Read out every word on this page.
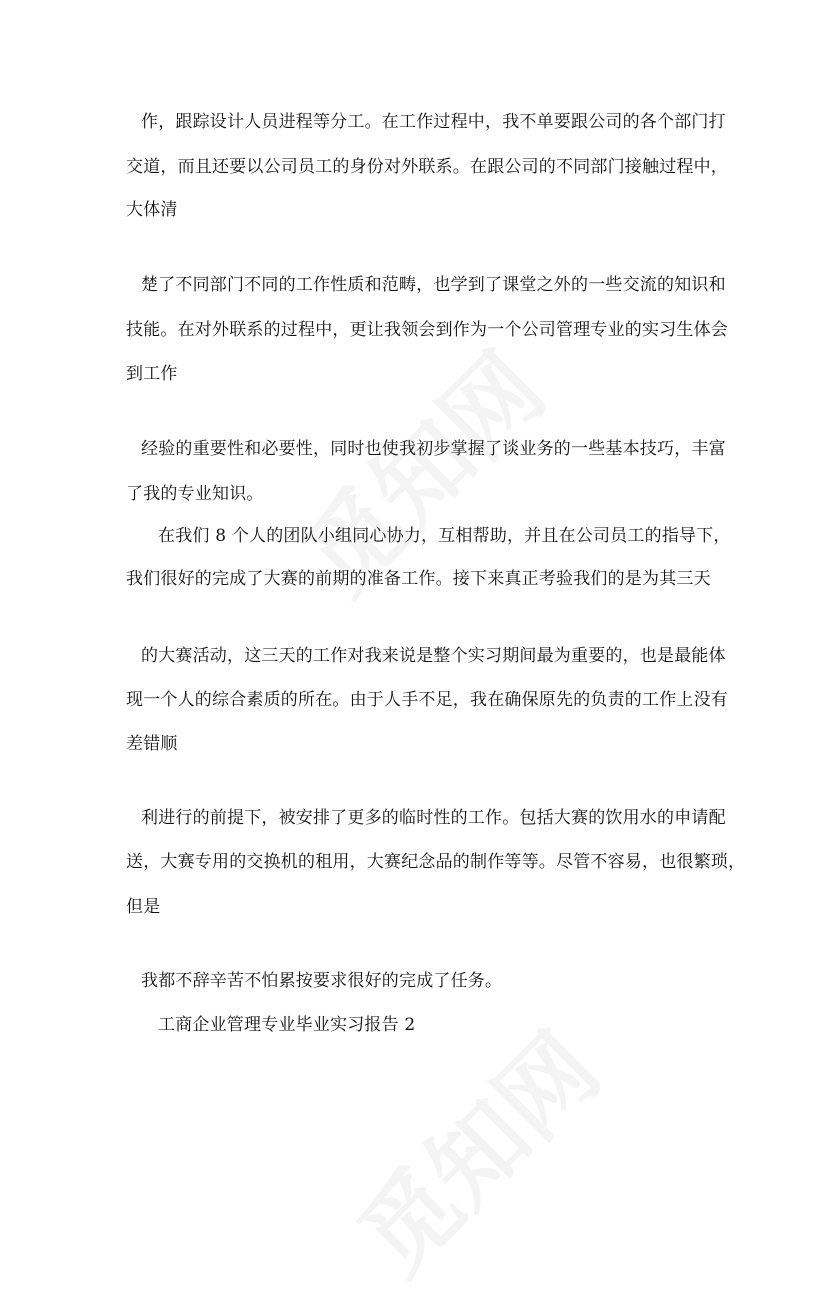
作，跟踪设计人员进程等分工。在工作过程中，我不单要跟公司的各个部门打
交道，而且还要以公司员工的身份对外联系。在跟公司的不同部门接触过程中，
大体清
楚了不同部门不同的工作性质和范畴，也学到了课堂之外的一些交流的知识和
技能。在对外联系的过程中，更让我领会到作为一个公司管理专业的实习生体会
到工作
经验的重要性和必要性，同时也使我初步掌握了谈业务的一些基本技巧，丰富
了我的专业知识。
在我们 8 个人的团队小组同心协力，互相帮助，并且在公司员工的指导下，
我们很好的完成了大赛的前期的准备工作。接下来真正考验我们的是为其三天
的大赛活动，这三天的工作对我来说是整个实习期间最为重要的，也是最能体
现一个人的综合素质的所在。由于人手不足，我在确保原先的负责的工作上没有
差错顺
利进行的前提下，被安排了更多的临时性的工作。包括大赛的饮用水的申请配
送，大赛专用的交换机的租用，大赛纪念品的制作等等。尽管不容易，也很繁琐，
但是
我都不辞辛苦不怕累按要求很好的完成了任务。
工商企业管理专业毕业实习报告 2
